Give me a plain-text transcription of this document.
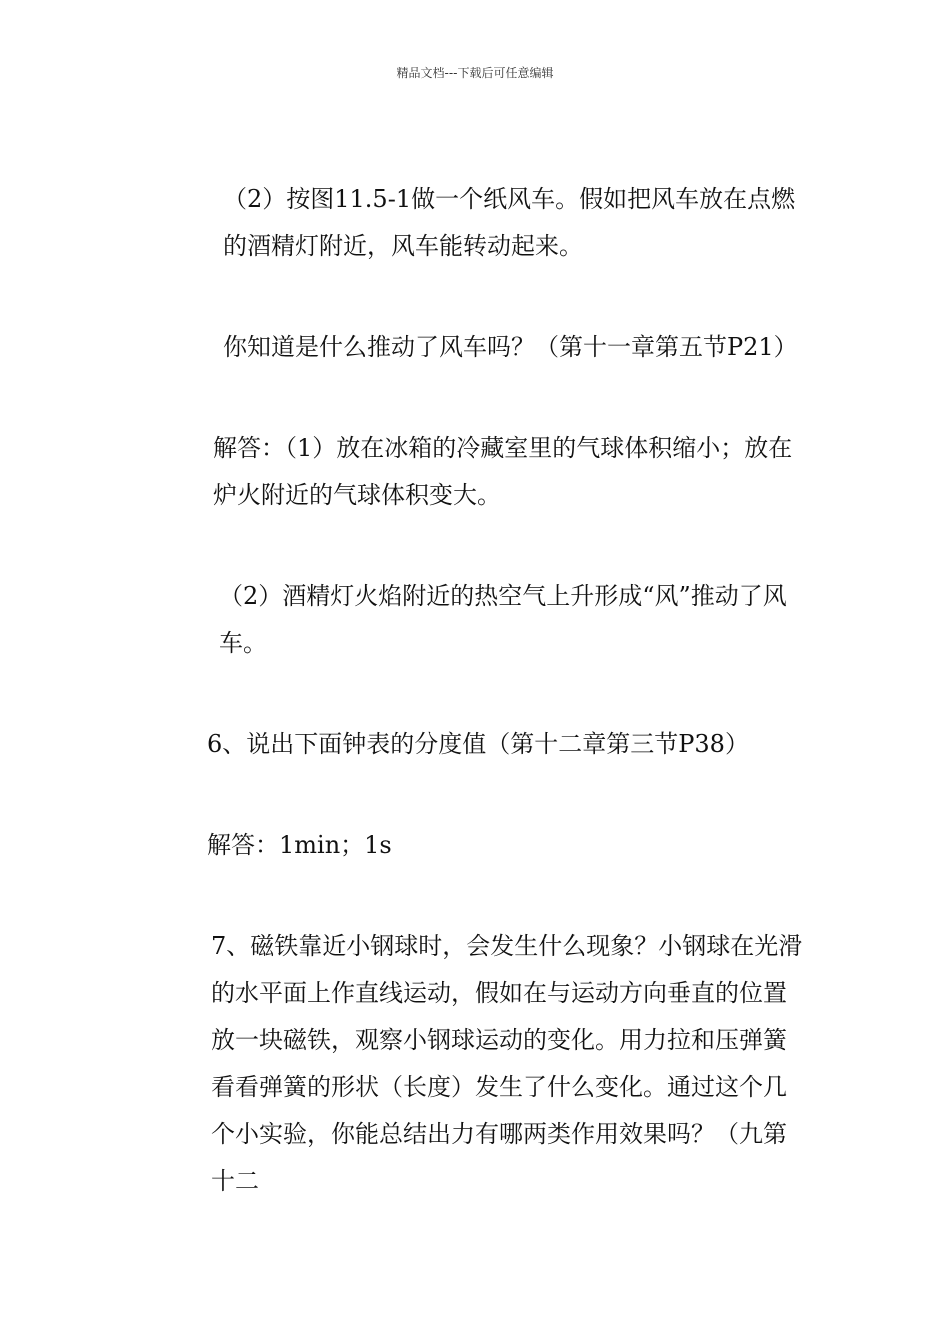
精品文档---下载后可任意编辑

（2）按图11.5-1做一个纸风车。假如把风车放在点燃的酒精灯附近，风车能转动起来。

你知道是什么推动了风车吗？（第十一章第五节P21）

解答：（1）放在冰箱的冷藏室里的气球体积缩小；放在炉火附近的气球体积变大。

（2）酒精灯火焰附近的热空气上升形成“风”推动了风车。

6、说出下面钟表的分度值（第十二章第三节P38）

解答：1min；1s

7、磁铁靠近小钢球时，会发生什么现象？小钢球在光滑的水平面上作直线运动，假如在与运动方向垂直的位置放一块磁铁，观察小钢球运动的变化。用力拉和压弹簧看看弹簧的形状（长度）发生了什么变化。通过这个几个小实验，你能总结出力有哪两类作用效果吗？（九第十二
